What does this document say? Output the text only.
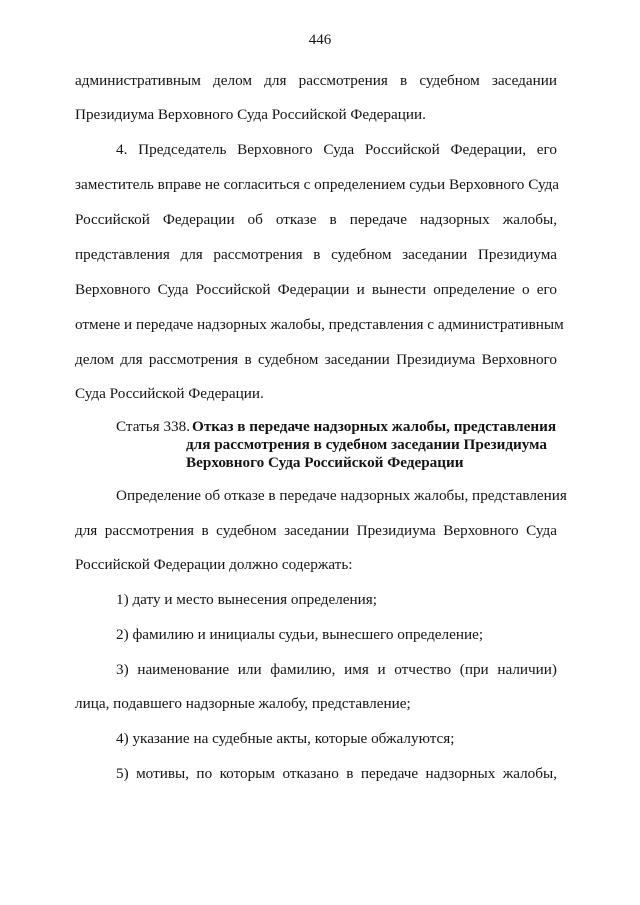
446
административным делом для рассмотрения в судебном заседании
Президиума Верховного Суда Российской Федерации.
4. Председатель Верховного Суда Российской Федерации, его
заместитель вправе не согласиться с определением судьи Верховного Суда
Российской Федерации об отказе в передаче надзорных жалобы,
представления для рассмотрения в судебном заседании Президиума
Верховного Суда Российской Федерации и вынести определение о его
отмене и передаче надзорных жалобы, представления с административным
делом для рассмотрения в судебном заседании Президиума Верховного
Суда Российской Федерации.
Статья 338. Отказ в передаче надзорных жалобы, представления
для рассмотрения в судебном заседании Президиума
Верховного Суда Российской Федерации
Определение об отказе в передаче надзорных жалобы, представления
для рассмотрения в судебном заседании Президиума Верховного Суда
Российской Федерации должно содержать:
1) дату и место вынесения определения;
2) фамилию и инициалы судьи, вынесшего определение;
3) наименование или фамилию, имя и отчество (при наличии)
лица, подавшего надзорные жалобу, представление;
4) указание на судебные акты, которые обжалуются;
5) мотивы, по которым отказано в передаче надзорных жалобы,
